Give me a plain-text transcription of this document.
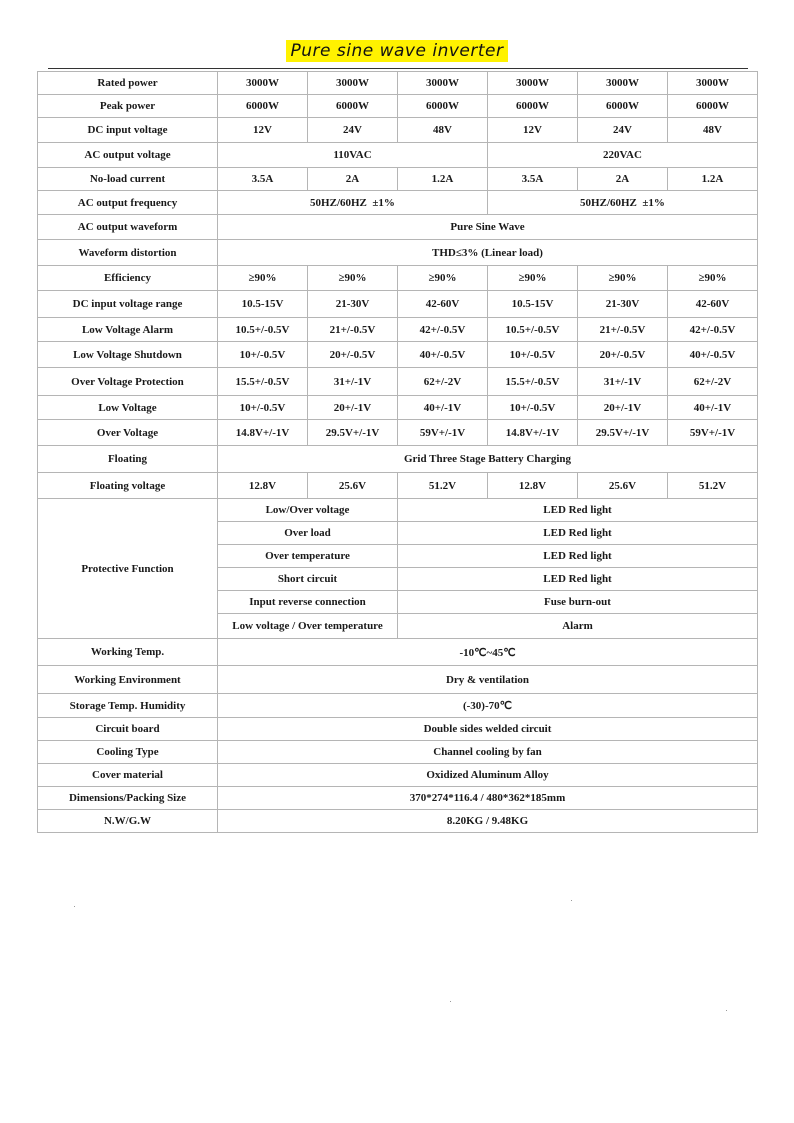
Pure sine wave inverter
Rated power	3000W	3000W	3000W	3000W	3000W	3000W
Peak power	6000W	6000W	6000W	6000W	6000W	6000W
DC input voltage	12V	24V	48V	12V	24V	48V
AC output voltage	110VAC			220VAC		
No-load current	3.5A	2A	1.2A	3.5A	2A	1.2A
AC output frequency	50HZ/60HZ  ±1%			50HZ/60HZ  ±1%		
AC output waveform	Pure Sine Wave					
Waveform distortion	THD≤3% (Linear load)					
Efficiency	≥90%	≥90%	≥90%	≥90%	≥90%	≥90%
DC input voltage range	10.5-15V	21-30V	42-60V	10.5-15V	21-30V	42-60V
Low Voltage Alarm	10.5+/-0.5V	21+/-0.5V	42+/-0.5V	10.5+/-0.5V	21+/-0.5V	42+/-0.5V
Low Voltage Shutdown	10+/-0.5V	20+/-0.5V	40+/-0.5V	10+/-0.5V	20+/-0.5V	40+/-0.5V
Over Voltage Protection	15.5+/-0.5V	31+/-1V	62+/-2V	15.5+/-0.5V	31+/-1V	62+/-2V
Low Voltage	10+/-0.5V	20+/-1V	40+/-1V	10+/-0.5V	20+/-1V	40+/-1V
Over Voltage	14.8V+/-1V	29.5V+/-1V	59V+/-1V	14.8V+/-1V	29.5V+/-1V	59V+/-1V
Floating	Grid Three Stage Battery Charging					
Floating voltage	12.8V	25.6V	51.2V	12.8V	25.6V	51.2V
Protective Function	Low/Over voltage		LED Red light			
	Over load		LED Red light			
	Over temperature		LED Red light			
	Short circuit		LED Red light			
	Input reverse connection		Fuse burn-out			
	Low voltage / Over temperature		Alarm			
Working Temp.	-10℃~45℃					
Working Environment	Dry & ventilation					
Storage Temp. Humidity	(-30)-70℃					
Circuit board	Double sides welded circuit					
Cooling Type	Channel cooling by fan					
Cover material	Oxidized Aluminum Alloy					
Dimensions/Packing Size	370*274*116.4 / 480*362*185mm					
N.W/G.W	8.20KG / 9.48KG					
